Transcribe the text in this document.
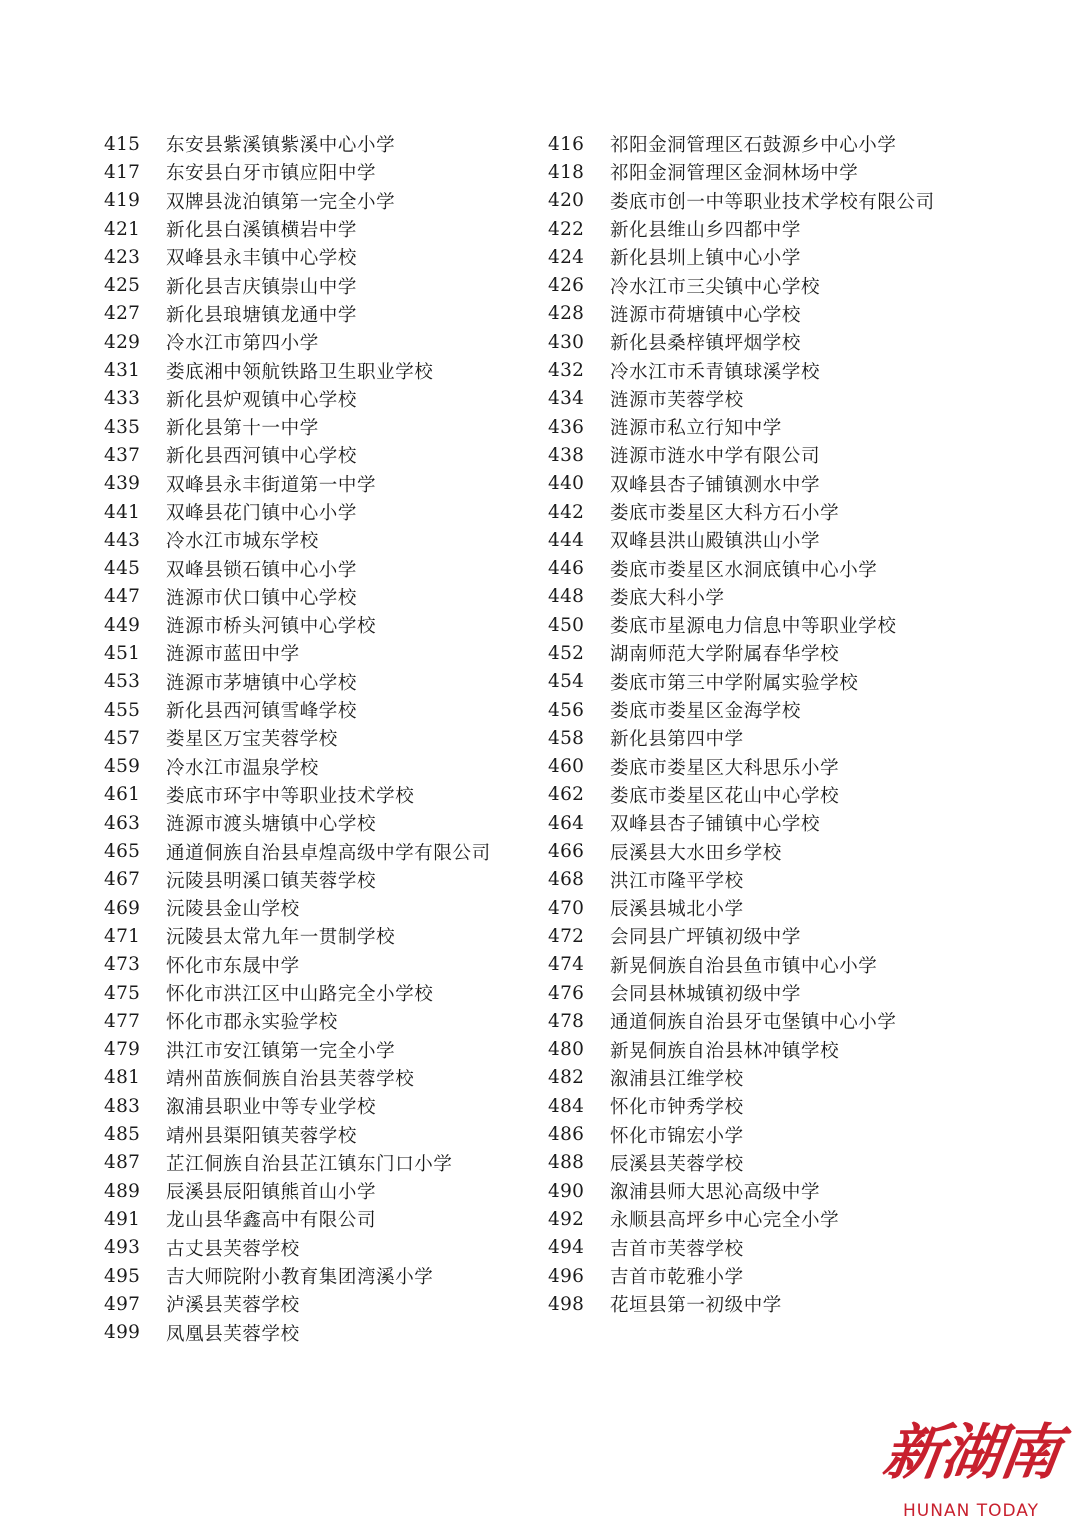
415	东安县紫溪镇紫溪中心小学
417	东安县白牙市镇应阳中学
419	双牌县泷泊镇第一完全小学
421	新化县白溪镇横岩中学
423	双峰县永丰镇中心学校
425	新化县吉庆镇崇山中学
427	新化县琅塘镇龙通中学
429	冷水江市第四小学
431	娄底湘中领航铁路卫生职业学校
433	新化县炉观镇中心学校
435	新化县第十一中学
437	新化县西河镇中心学校
439	双峰县永丰街道第一中学
441	双峰县花门镇中心小学
443	冷水江市城东学校
445	双峰县锁石镇中心小学
447	涟源市伏口镇中心学校
449	涟源市桥头河镇中心学校
451	涟源市蓝田中学
453	涟源市茅塘镇中心学校
455	新化县西河镇雪峰学校
457	娄星区万宝芙蓉学校
459	冷水江市温泉学校
461	娄底市环宇中等职业技术学校
463	涟源市渡头塘镇中心学校
465	通道侗族自治县卓煌高级中学有限公司
467	沅陵县明溪口镇芙蓉学校
469	沅陵县金山学校
471	沅陵县太常九年一贯制学校
473	怀化市东晟中学
475	怀化市洪江区中山路完全小学校
477	怀化市郡永实验学校
479	洪江市安江镇第一完全小学
481	靖州苗族侗族自治县芙蓉学校
483	溆浦县职业中等专业学校
485	靖州县渠阳镇芙蓉学校
487	芷江侗族自治县芷江镇东门口小学
489	辰溪县辰阳镇熊首山小学
491	龙山县华鑫高中有限公司
493	古丈县芙蓉学校
495	吉大师院附小教育集团湾溪小学
497	泸溪县芙蓉学校
499	凤凰县芙蓉学校
416	祁阳金洞管理区石鼓源乡中心小学
418	祁阳金洞管理区金洞林场中学
420	娄底市创一中等职业技术学校有限公司
422	新化县维山乡四都中学
424	新化县圳上镇中心小学
426	冷水江市三尖镇中心学校
428	涟源市荷塘镇中心学校
430	新化县桑梓镇坪烟学校
432	冷水江市禾青镇球溪学校
434	涟源市芙蓉学校
436	涟源市私立行知中学
438	涟源市涟水中学有限公司
440	双峰县杏子铺镇测水中学
442	娄底市娄星区大科方石小学
444	双峰县洪山殿镇洪山小学
446	娄底市娄星区水洞底镇中心小学
448	娄底大科小学
450	娄底市星源电力信息中等职业学校
452	湖南师范大学附属春华学校
454	娄底市第三中学附属实验学校
456	娄底市娄星区金海学校
458	新化县第四中学
460	娄底市娄星区大科思乐小学
462	娄底市娄星区花山中心学校
464	双峰县杏子铺镇中心学校
466	辰溪县大水田乡学校
468	洪江市隆平学校
470	辰溪县城北小学
472	会同县广坪镇初级中学
474	新晃侗族自治县鱼市镇中心小学
476	会同县林城镇初级中学
478	通道侗族自治县牙屯堡镇中心小学
480	新晃侗族自治县林冲镇学校
482	溆浦县江维学校
484	怀化市钟秀学校
486	怀化市锦宏小学
488	辰溪县芙蓉学校
490	溆浦县师大思沁高级中学
492	永顺县高坪乡中心完全小学
494	吉首市芙蓉学校
496	吉首市乾雅小学
498	花垣县第一初级中学
新湖南
HUNAN TODAY
